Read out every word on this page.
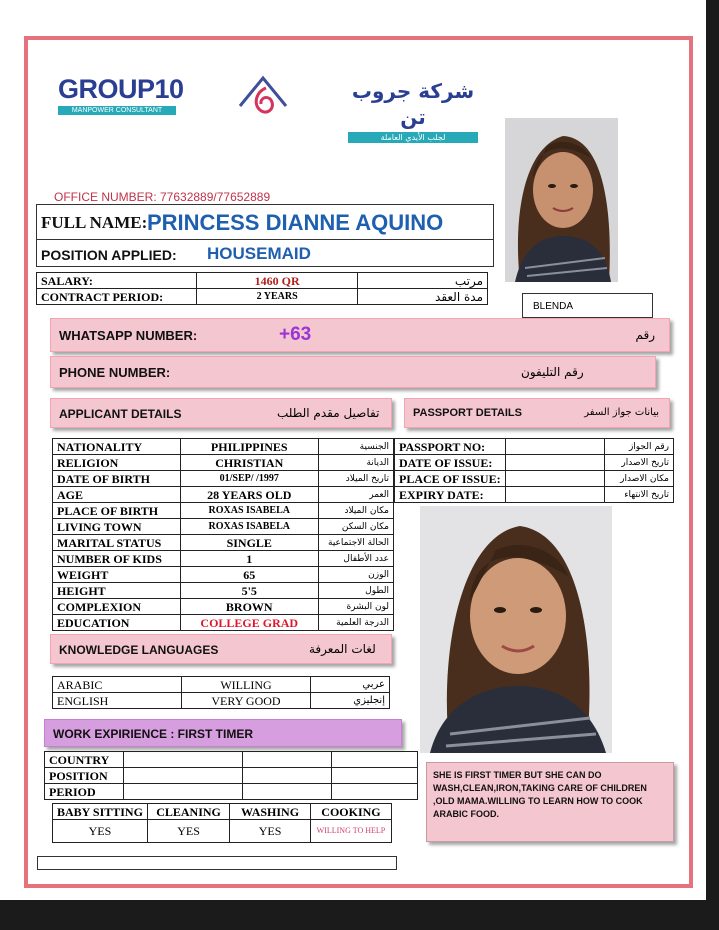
GROUP10
MANPOWER CONSULTANT
شركة جروب تن
لجلب الأيدي العاملة
OFFICE NUMBER: 77632889/77652889
FULL NAME: PRINCESS DIANNE AQUINO
POSITION APPLIED: HOUSEMAID
SALARY:	1460 QR	مرتب
CONTRACT PERIOD:	2 YEARS	مدة العقد
BLENDA
WHATSAPP NUMBER:	+63	رقم
PHONE NUMBER:	رقم التليفون
APPLICANT DETAILS	تفاصيل مقدم الطلب	PASSPORT DETAILS	بيانات جواز السفر
NATIONALITY	PHILIPPINES	الجنسية
RELIGION	CHRISTIAN	الديانة
DATE OF BIRTH	01/SEP/ /1997	تاريخ الميلاد
AGE	28 YEARS OLD	العمر
PLACE OF BIRTH	ROXAS ISABELA	مكان الميلاد
LIVING TOWN	ROXAS ISABELA	مكان السكن
MARITAL STATUS	SINGLE	الحالة الاجتماعية
NUMBER OF KIDS	1	عدد الأطفال
WEIGHT	65	الوزن
HEIGHT	5'5	الطول
COMPLEXION	BROWN	لون البشرة
EDUCATION	COLLEGE GRAD	الدرجة العلمية
PASSPORT NO:		رقم الجواز
DATE OF ISSUE:		تاريخ الاصدار
PLACE OF ISSUE:		مكان الاصدار
EXPIRY DATE:		تاريخ الانتهاء
KNOWLEDGE LANGUAGES	لغات المعرفة
ARABIC	WILLING	عربي
ENGLISH	VERY GOOD	إنجليزي
WORK EXPIRIENCE : FIRST TIMER
COUNTRY			
POSITION			
PERIOD			
BABY SITTING	CLEANING	WASHING	COOKING
YES	YES	YES	WILLING TO HELP
SHE IS FIRST TIMER BUT SHE CAN DO WASH,CLEAN,IRON,TAKING CARE OF CHILDREN ,OLD MAMA.WILLING TO LEARN HOW TO COOK ARABIC FOOD.
